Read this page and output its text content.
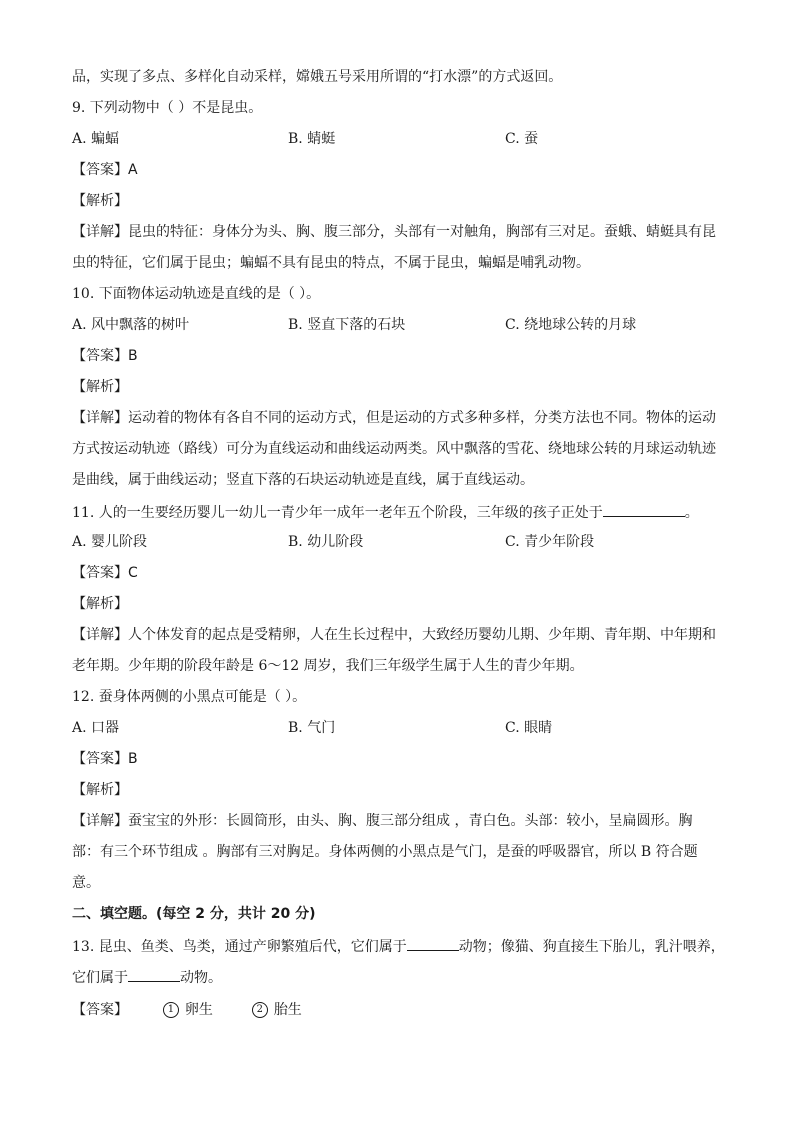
品，实现了多点、多样化自动采样，嫦娥五号采用所谓的“打水漂”的方式返回。
9. 下列动物中（ ）不是昆虫。
A. 蝙蝠	B. 蜻蜓	C. 蚕
【答案】A
【解析】
【详解】昆虫的特征：身体分为头、胸、腹三部分，头部有一对触角，胸部有三对足。蚕蛾、蜻蜓具有昆
虫的特征，它们属于昆虫；蝙蝠不具有昆虫的特点，不属于昆虫，蝙蝠是哺乳动物。
10. 下面物体运动轨迹是直线的是（ ）。
A. 风中飘落的树叶	B. 竖直下落的石块	C. 绕地球公转的月球
【答案】B
【解析】
【详解】运动着的物体有各自不同的运动方式，但是运动的方式多种多样，分类方法也不同。物体的运动
方式按运动轨迹（路线）可分为直线运动和曲线运动两类。风中飘落的雪花、绕地球公转的月球运动轨迹
是曲线，属于曲线运动；竖直下落的石块运动轨迹是直线，属于直线运动。
11. 人的一生要经历婴儿一幼儿一青少年一成年一老年五个阶段，三年级的孩子正处于	。
A. 婴儿阶段	B. 幼儿阶段	C. 青少年阶段
【答案】C
【解析】
【详解】人个体发育的起点是受精卵，人在生长过程中，大致经历婴幼儿期、少年期、青年期、中年期和
老年期。少年期的阶段年龄是 6～12 周岁，我们三年级学生属于人生的青少年期。
12. 蚕身体两侧的小黑点可能是（ ）。
A. 口器	B. 气门	C. 眼睛
【答案】B
【解析】
【详解】蚕宝宝的外形：长圆筒形，由头、胸、腹三部分组成 ，青白色。头部：较小，呈扁圆形。胸
部：有三个环节组成 。胸部有三对胸足。身体两侧的小黑点是气门，是蚕的呼吸器官，所以 B 符合题
意。
二、填空题。(每空 2 分，共计 20 分)
13. 昆虫、鱼类、鸟类，通过产卵繁殖后代，它们属于	动物；像猫、狗直接生下胎儿，乳汁喂养，
它们属于	动物。
【答案】	1 卵生	2 胎生
